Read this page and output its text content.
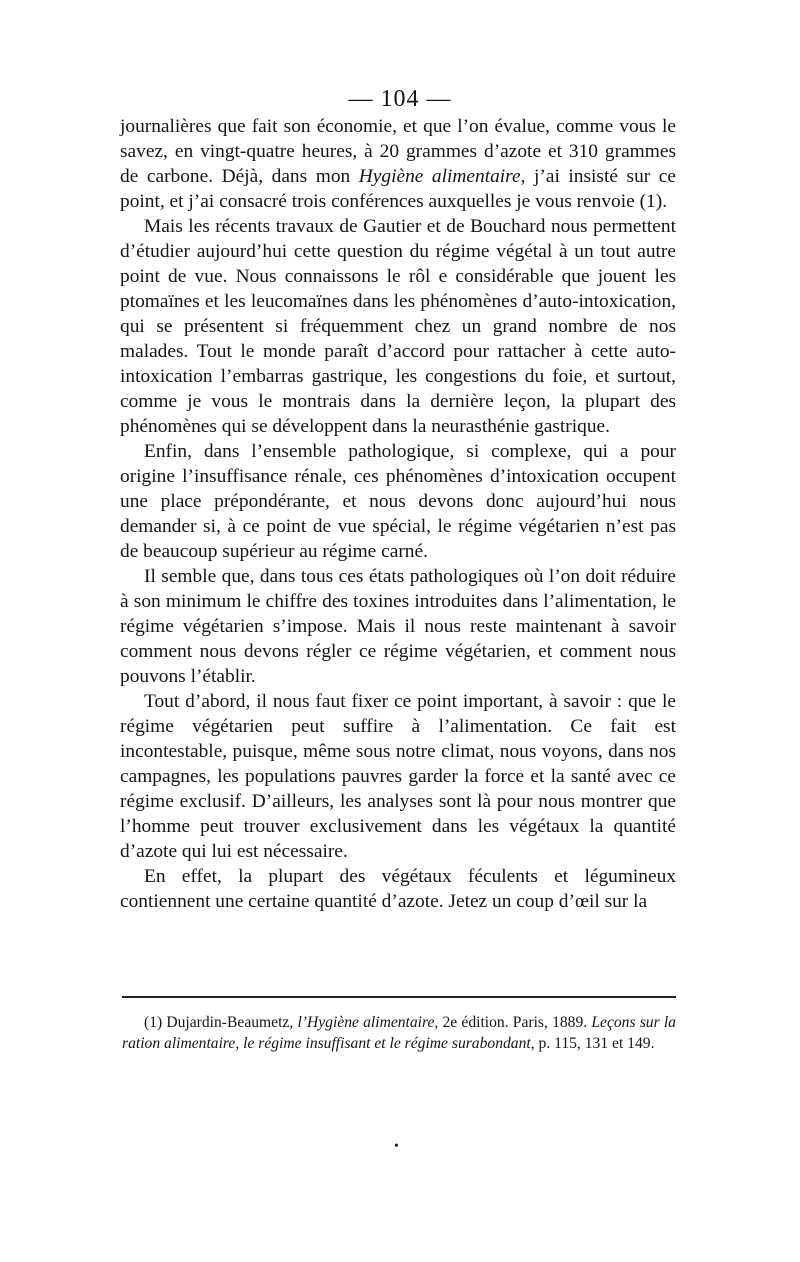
— 104 —

journalières que fait son économie, et que l’on évalue, comme vous le savez, en vingt-quatre heures, à 20 grammes d’azote et 310 grammes de carbone. Déjà, dans mon Hygiène alimentaire, j’ai insisté sur ce point, et j’ai consacré trois conférences auxquelles je vous renvoie (1).

Mais les récents travaux de Gautier et de Bouchard nous permettent d’étudier aujourd’hui cette question du régime végétal à un tout autre point de vue. Nous connaissons le rôl e considérable que jouent les ptomaïnes et les leucomaïnes dans les phénomènes d’auto-intoxication, qui se présentent si fréquemment chez un grand nombre de nos malades. Tout le monde paraît d’accord pour rattacher à cette auto-intoxication l’embarras gastrique, les congestions du foie, et surtout, comme je vous le montrais dans la dernière leçon, la plupart des phénomènes qui se développent dans la neurasthénie gastrique.

Enfin, dans l’ensemble pathologique, si complexe, qui a pour origine l’insuffisance rénale, ces phénomènes d’intoxication occupent une place prépondérante, et nous devons donc aujourd’hui nous demander si, à ce point de vue spécial, le régime végétarien n’est pas de beaucoup supérieur au régime carné.

Il semble que, dans tous ces états pathologiques où l’on doit réduire à son minimum le chiffre des toxines introduites dans l’alimentation, le régime végétarien s’impose. Mais il nous reste maintenant à savoir comment nous devons régler ce régime végétarien, et comment nous pouvons l’établir.

Tout d’abord, il nous faut fixer ce point important, à savoir : que le régime végétarien peut suffire à l’alimentation. Ce fait est incontestable, puisque, même sous notre climat, nous voyons, dans nos campagnes, les populations pauvres garder la force et la santé avec ce régime exclusif. D’ailleurs, les analyses sont là pour nous montrer que l’homme peut trouver exclusivement dans les végétaux la quantité d’azote qui lui est nécessaire.

En effet, la plupart des végétaux féculents et légumineux contiennent une certaine quantité d’azote. Jetez un coup d’œil sur la

(1) Dujardin-Beaumetz, l’Hygiène alimentaire, 2e édition. Paris, 1889. Leçons sur la ration alimentaire, le régime insuffisant et le régime surabondant, p. 115, 131 et 149.
•
